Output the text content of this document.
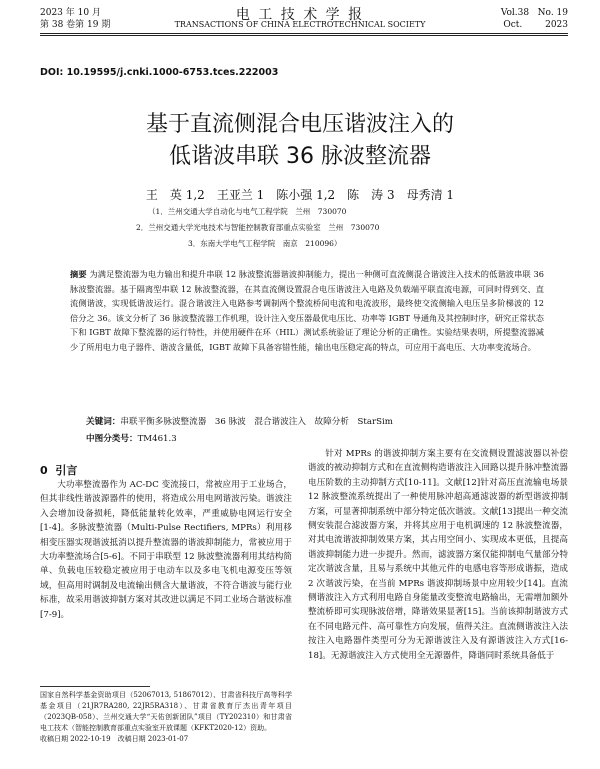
2023 年 10 月
第 38 卷第 19 期
电 工 技 术 学 报
TRANSACTIONS OF CHINA ELECTROTECHNICAL SOCIETY
Vol.38   No. 19
Oct.        2023
DOI: 10.19595/j.cnki.1000-6753.tces.222003
基于直流侧混合电压谐波注入的
低谐波串联 36 脉波整流器
王　英 1,2　王亚兰 1　陈小强 1,2　陈　涛 3　母秀清 1
（1．兰州交通大学自动化与电气工程学院　兰州　730070
2．兰州交通大学光电技术与智能控制教育部重点实验室　兰州　730070
3．东南大学电气工程学院　南京　210096）
摘要 为满足整流器为电力输出和提升串联 12 脉波整流器谐波抑制能力，提出一种侧可直流侧混合谐波注入技术的低谐波串联 36 脉波整流器。基于隔离型串联 12 脉波整流器，在其直流侧设置混合电压谐波注入电路及负载端平联直流电源，可同时得到交、直流侧谐波，实现低谐波运行。混合谐波注入电路参考调制两个整流桥间电流和电流波形，最终使交流侧输入电压呈多阶梯波的 12 倍分之 36。该文分析了 36 脉波整流器工作机理，设计注入变压器最优电压比、功率等 IGBT 导通角及其控制时序，研究正常状态下和 IGBT 故障下整流器的运行特性，并使用硬件在环（HIL）测试系统验证了理论分析的正确性。实验结果表明，所提整流器减少了所用电力电子器件、谐波含量低，IGBT 故障下具备容错性能，输出电压稳定高的特点，可应用于高电压、大功率变流场合。
关键词：串联平衡多脉波整流器　36 脉波　混合谐波注入　故障分析　StarSim
中图分类号：TM461.3
0 引言

大功率整流器作为 AC-DC 变流接口，常被应用于工业场合，但其非线性谐波源器件的使用，将造成公用电网谐波污染。谐波注入会增加设备损耗，降低能量转化效率，严重威胁电网运行安全[1-4]。多脉波整流器（Multi-Pulse Rectifiers, MPRs）利用移相变压器实现谐波抵消以提升整流器的谐波抑制能力，常被应用于大功率整流场合[5-6]。不同于串联型 12 脉波整流器利用其结构简单、负载电压较稳定被应用于电动车以及多电飞机电源变压等领域，但高用时调制及电流输出侧含大量谐波，不符合谐波与能行业标准，故采用谐波抑制方案对其改进以满足不同工业场合谐波标准[7-9]。

国家自然科学基金资助项目（52067013, 51867012）、甘肃省科技厅高等科学基金项目（21JR7RA280, 22JR5RA318）、甘肃省教育厅杰出青年项目（2023QB-058）、兰州交通大学“天佑创新团队”项目（TY202310）和甘肃省电工技术（智能控制教育部重点实验室开放课题（KFKT2020-12）资助。
收稿日期 2022-10-19　改稿日期 2023-01-07

针对 MPRs 的谐波抑制方案主要有在交流侧设置滤波器以补偿谐波的被动抑制方式和在直流侧构造谐波注入回路以提升脉冲整流器电压阶数的主动抑制方式[10-11]。文献[12]针对高压直流输电场景 12 脉波整流系统提出了一种使用脉冲超高通滤波器的新型谐波抑制方案，可显著抑制系统中部分特定低次谐波。文献[13]提出一种交流侧安装混合滤波器方案，并将其应用于电机调速的 12 脉波整流器，对其电流谐波抑制效果方案，其占用空间小、实现成本更低，且提高谐波抑制能力进一步提升。然而，滤波器方案仅能抑制电气量部分特定次谐波含量，且易与系统中其他元件的电感电容等形成谐振，造成 2 次谐波污染，在当前 MPRs 谐波抑制场景中应用较少[14]。直流侧谐波注入方式利用电路自身能量改变整流电路输出，无需增加额外整流桥即可实现脉波倍增，降谐效果显著[15]。当前该抑制谐波方式在不同电路元件、高可靠性方向发展，值得关注。直流侧谐波注入法按注入电路器件类型可分为无源谐波注入及有源谐波注入方式[16-18]。无源谐波注入方式使用全无源器件，降谐同时系统具备低于
